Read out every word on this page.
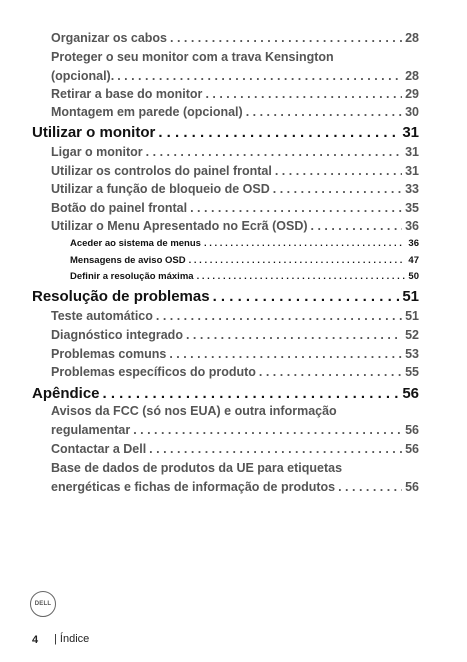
Organizar os cabos . . .	28
Proteger o seu monitor com a trava Kensington
(opcional). . . .	28
Retirar a base do monitor . . .	29
Montagem em parede (opcional) . . .	30
Utilizar o monitor . . .	31
Ligar o monitor . . .	31
Utilizar os controlos do painel frontal . . .	31
Utilizar a função de bloqueio de OSD . . .	33
Botão do painel frontal . . .	35
Utilizar o Menu Apresentado no Ecrã (OSD) . . .	36
Aceder ao sistema de menus . . .	36
Mensagens de aviso OSD . . .	47
Definir a resolução máxima . . .	50
Resolução de problemas . . .	51
Teste automático . . .	51
Diagnóstico integrado . . .	52
Problemas comuns . . .	53
Problemas específicos do produto . . .	55
Apêndice . . .	56
Avisos da FCC (só nos EUA) e outra informação
regulamentar . . .	56
Contactar a Dell . . .	56
Base de dados de produtos da UE para etiquetas
energéticas e fichas de informação de produtos . . .	56
DELL
4 | Índice
